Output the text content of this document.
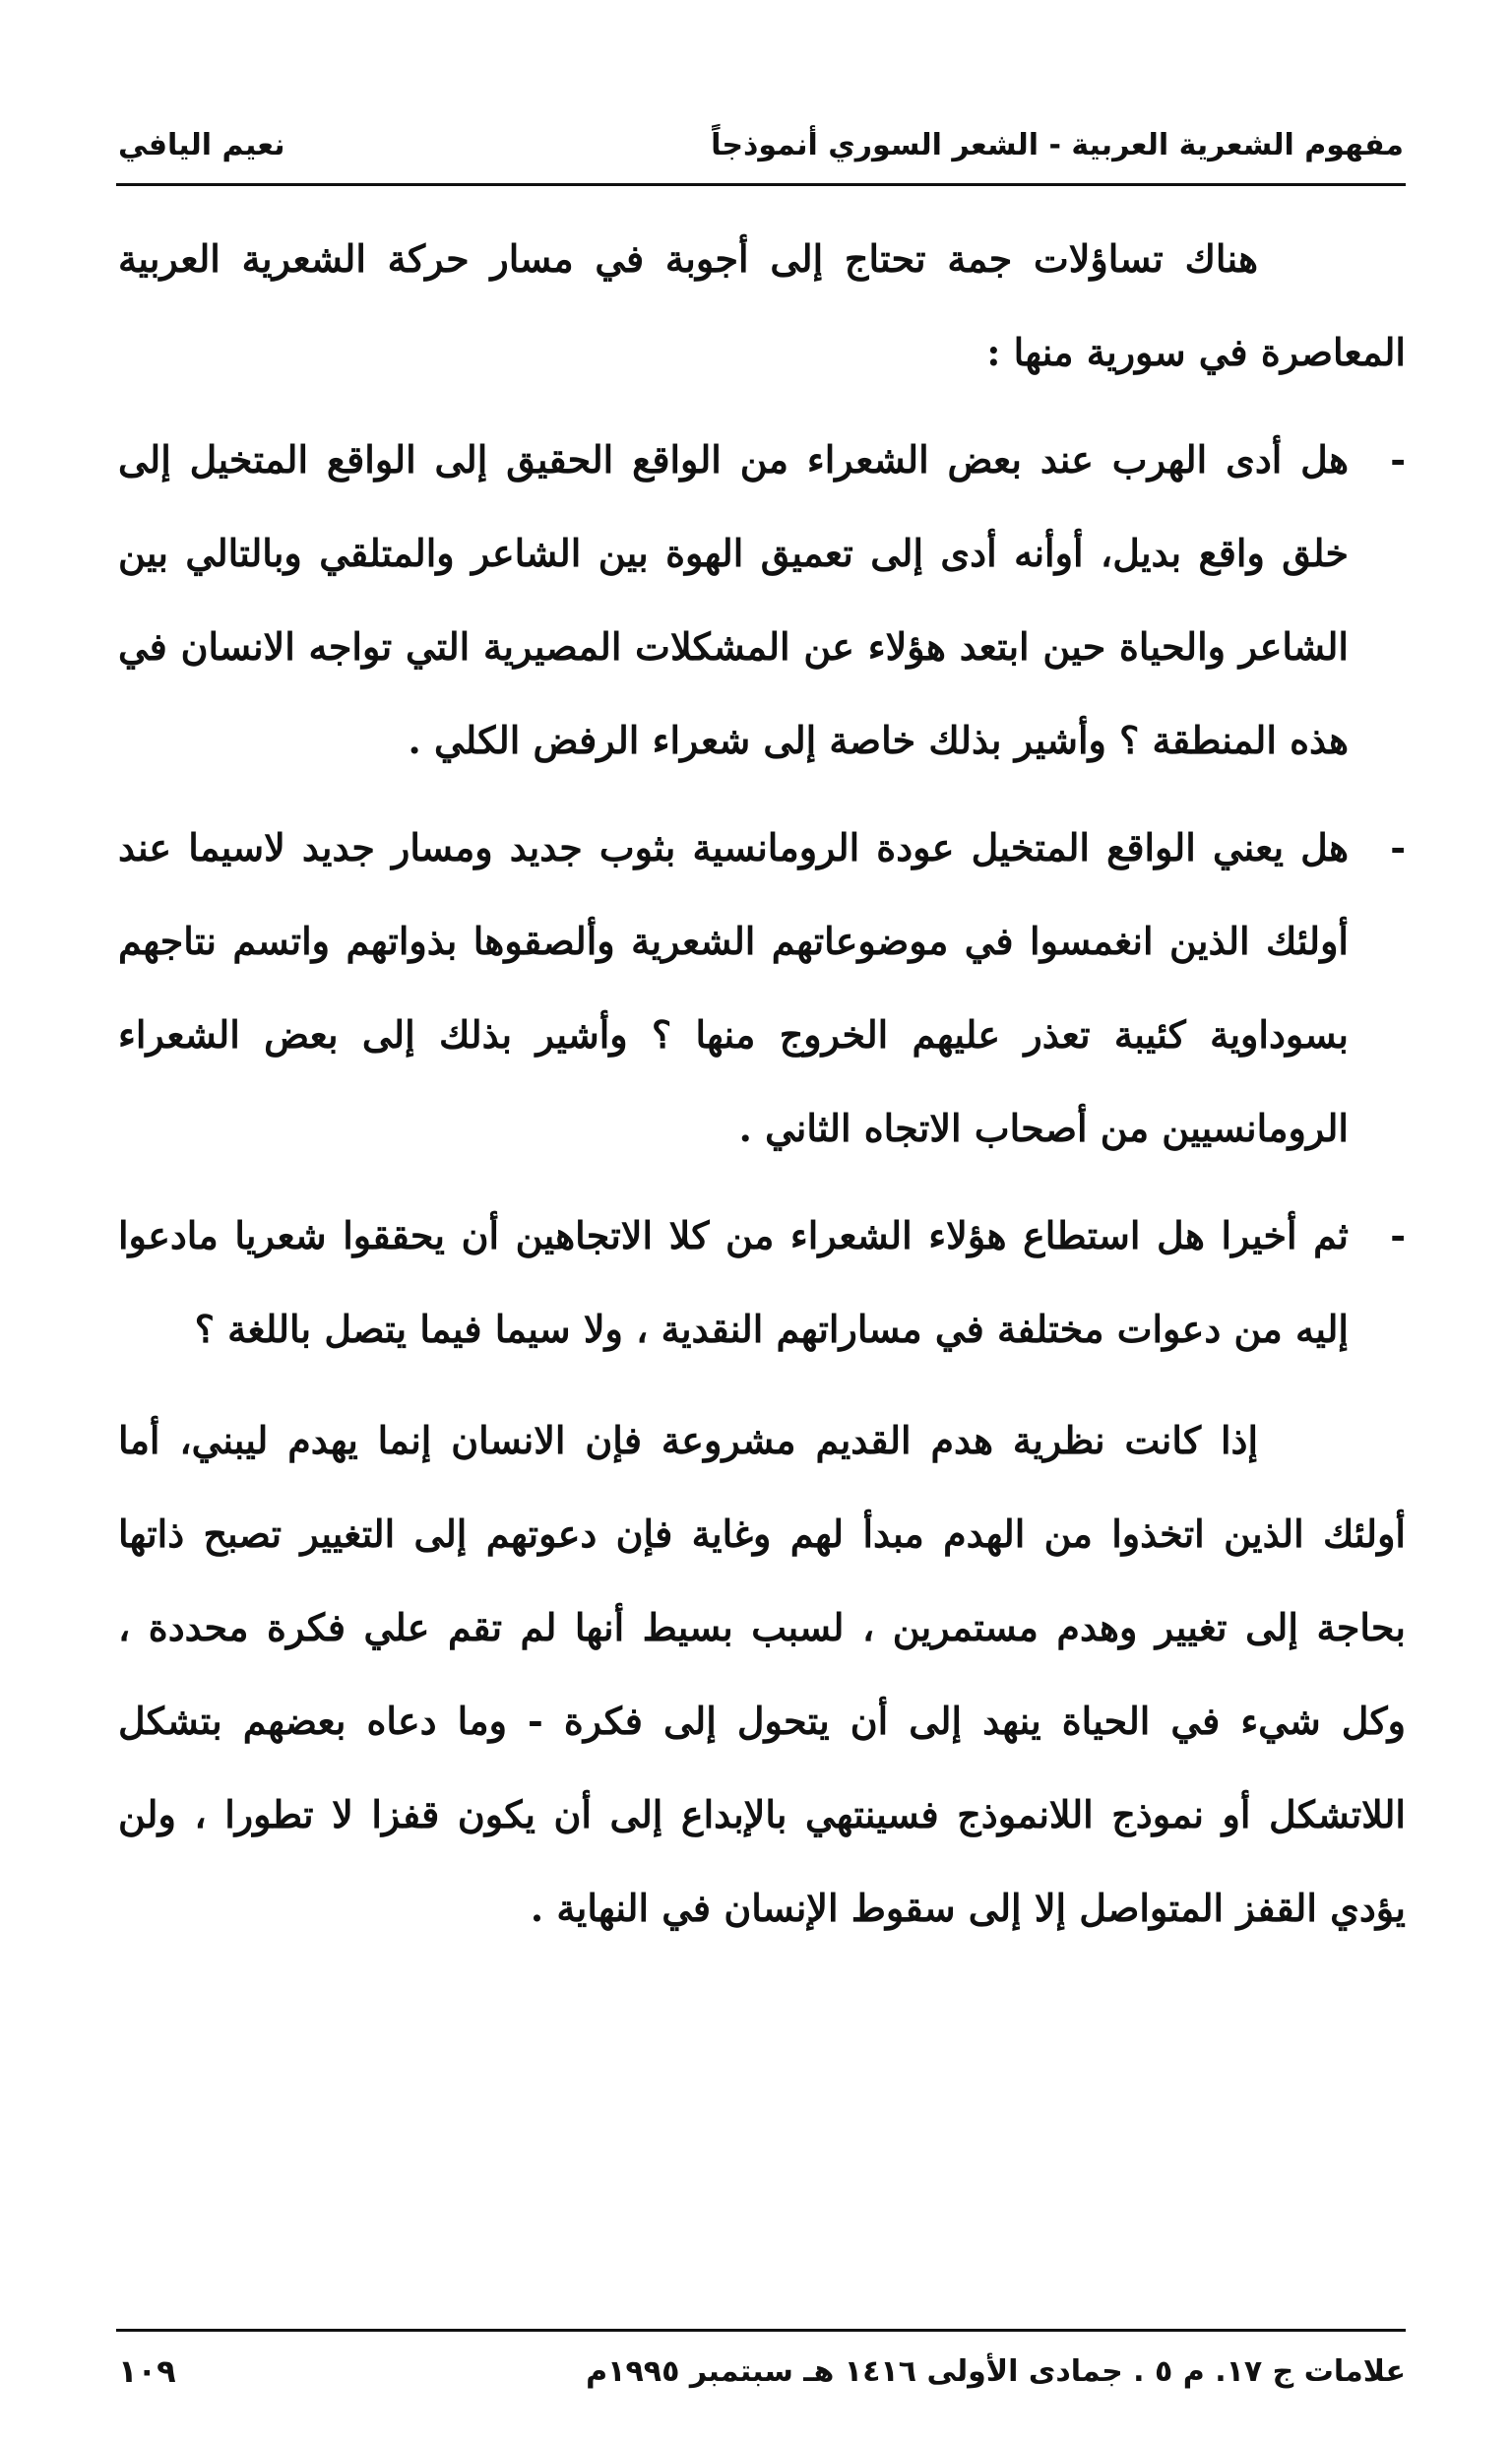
مفهوم الشعرية العربية - الشعر السوري أنموذجاً
نعيم اليافي

هناك تساؤلات جمة تحتاج إلى أجوبة في مسار حركة الشعرية العربية المعاصرة في سورية منها :

-
هل أدى الهرب عند بعض الشعراء من الواقع الحقيق إلى الواقع المتخيل إلى خلق واقع بديل، أوأنه أدى إلى تعميق الهوة بين الشاعر والمتلقي وبالتالي بين الشاعر والحياة حين ابتعد هؤلاء عن المشكلات المصيرية التي تواجه الانسان في هذه المنطقة ؟ وأشير بذلك خاصة إلى شعراء الرفض الكلي .

-
هل يعني الواقع المتخيل عودة الرومانسية بثوب جديد ومسار جديد لاسيما عند أولئك الذين انغمسوا في موضوعاتهم الشعرية وألصقوها بذواتهم واتسم نتاجهم بسوداوية كئيبة تعذر عليهم الخروج منها ؟ وأشير بذلك إلى بعض الشعراء الرومانسيين من أصحاب الاتجاه الثاني .

-
ثم أخيرا هل استطاع هؤلاء الشعراء من كلا الاتجاهين أن يحققوا شعريا مادعوا إليه من دعوات مختلفة في مساراتهم النقدية ، ولا سيما فيما يتصل باللغة ؟

إذا كانت نظرية هدم القديم مشروعة فإن الانسان إنما يهدم ليبني، أما أولئك الذين اتخذوا من الهدم مبدأ لهم وغاية فإن دعوتهم إلى التغيير تصبح ذاتها بحاجة إلى تغيير وهدم مستمرين ، لسبب بسيط أنها لم تقم علي فكرة محددة ، وكل شيء في الحياة ينهد إلى أن يتحول إلى فكرة - وما دعاه بعضهم بتشكل اللاتشكل أو نموذج اللانموذج فسينتهي بالإبداع إلى أن يكون قفزا لا تطورا ، ولن يؤدي القفز المتواصل إلا إلى سقوط الإنسان في النهاية .

علامات ج ١٧. م ٥ . جمادى الأولى ١٤١٦ هـ سبتمبر ١٩٩٥م
١٠٩
